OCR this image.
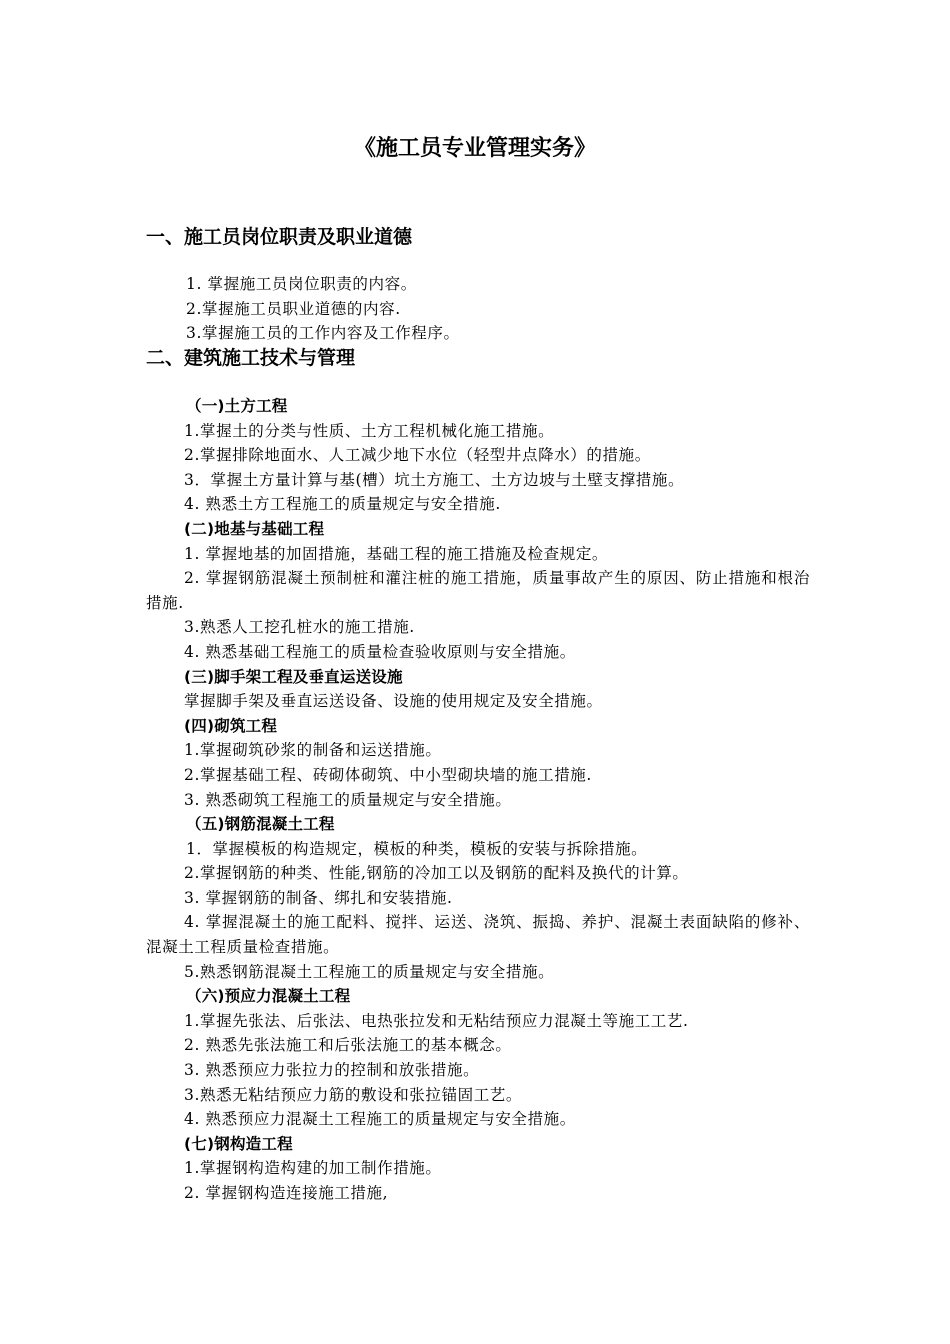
《施工员专业管理实务》
一、施工员岗位职责及职业道德
1. 掌握施工员岗位职责的内容。
2.掌握施工员职业道德的内容.
3.掌握施工员的工作内容及工作程序。
二、建筑施工技术与管理
（一)土方工程
1.掌握土的分类与性质、土方工程机械化施工措施。
2.掌握排除地面水、人工减少地下水位（轻型井点降水）的措施。
3．掌握土方量计算与基(槽）坑土方施工、土方边坡与土壁支撑措施。
4. 熟悉土方工程施工的质量规定与安全措施.
(二)地基与基础工程
1. 掌握地基的加固措施，基础工程的施工措施及检查规定。
2. 掌握钢筋混凝土预制桩和灌注桩的施工措施，质量事故产生的原因、防止措施和根治措施.
3.熟悉人工挖孔桩水的施工措施.
4. 熟悉基础工程施工的质量检查验收原则与安全措施。
(三)脚手架工程及垂直运送设施
掌握脚手架及垂直运送设备、设施的使用规定及安全措施。
(四)砌筑工程
1.掌握砌筑砂浆的制备和运送措施。
2.掌握基础工程、砖砌体砌筑、中小型砌块墙的施工措施.
3. 熟悉砌筑工程施工的质量规定与安全措施。
（五)钢筋混凝土工程
1．掌握模板的构造规定，模板的种类，模板的安装与拆除措施。
2.掌握钢筋的种类、性能,钢筋的冷加工以及钢筋的配料及换代的计算。
3. 掌握钢筋的制备、绑扎和安装措施.
4. 掌握混凝土的施工配料、搅拌、运送、浇筑、振捣、养护、混凝土表面缺陷的修补、混凝土工程质量检查措施。
5.熟悉钢筋混凝土工程施工的质量规定与安全措施。
（六)预应力混凝土工程
1.掌握先张法、后张法、电热张拉发和无粘结预应力混凝土等施工工艺.
2. 熟悉先张法施工和后张法施工的基本概念。
3. 熟悉预应力张拉力的控制和放张措施。
3.熟悉无粘结预应力筋的敷设和张拉锚固工艺。
4. 熟悉预应力混凝土工程施工的质量规定与安全措施。
(七)钢构造工程
1.掌握钢构造构建的加工制作措施。
2. 掌握钢构造连接施工措施,
